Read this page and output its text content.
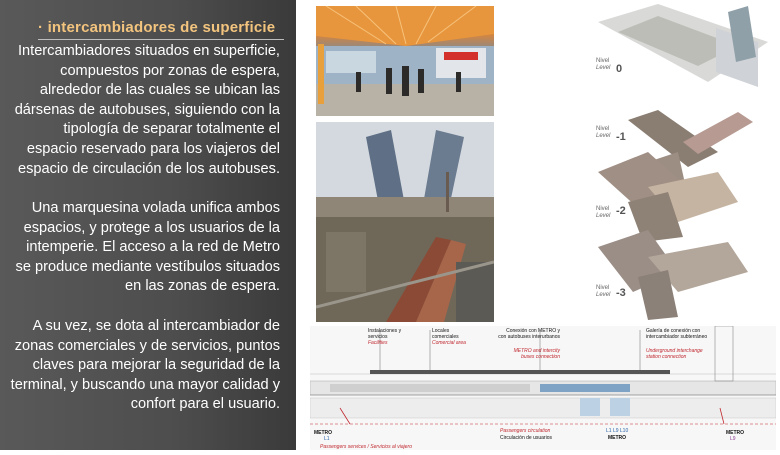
· intercambiadores de superficie
Intercambiadores situados en superficie, compuestos por zonas de espera, alrededor de las cuales se ubican las dársenas de autobuses, siguiendo con la tipología de separar totalmente el espacio reservado para los viajeros del espacio de circulación de los autobuses.
Una marquesina volada unifica ambos espacios, y protege a los usuarios de la intemperie. El acceso a la red de Metro se produce mediante vestíbulos situados en las zonas de espera.
A su vez, se dota al intercambiador de zonas comerciales y de servicios, puntos claves para mejorar la seguridad de la terminal, y buscando una mayor calidad y confort para el usuario.
Nivel
Level 0
Nivel
Level -1
Nivel
Level -2
Nivel
Level -3
Instalaciones y servicios
Facilities
Locales comerciales
Comercial area
Conexión con METRO y con autobuses interurbanos
METRO and intercity buses connection
Galería de conexión con intercambiador subterráneo
Underground interchange station connection
METRO
L1
Passengers circulation
Circulación de usuarios
L1 L9 L10
METRO
METRO
L9
Passengers services / Servicios al viajero
